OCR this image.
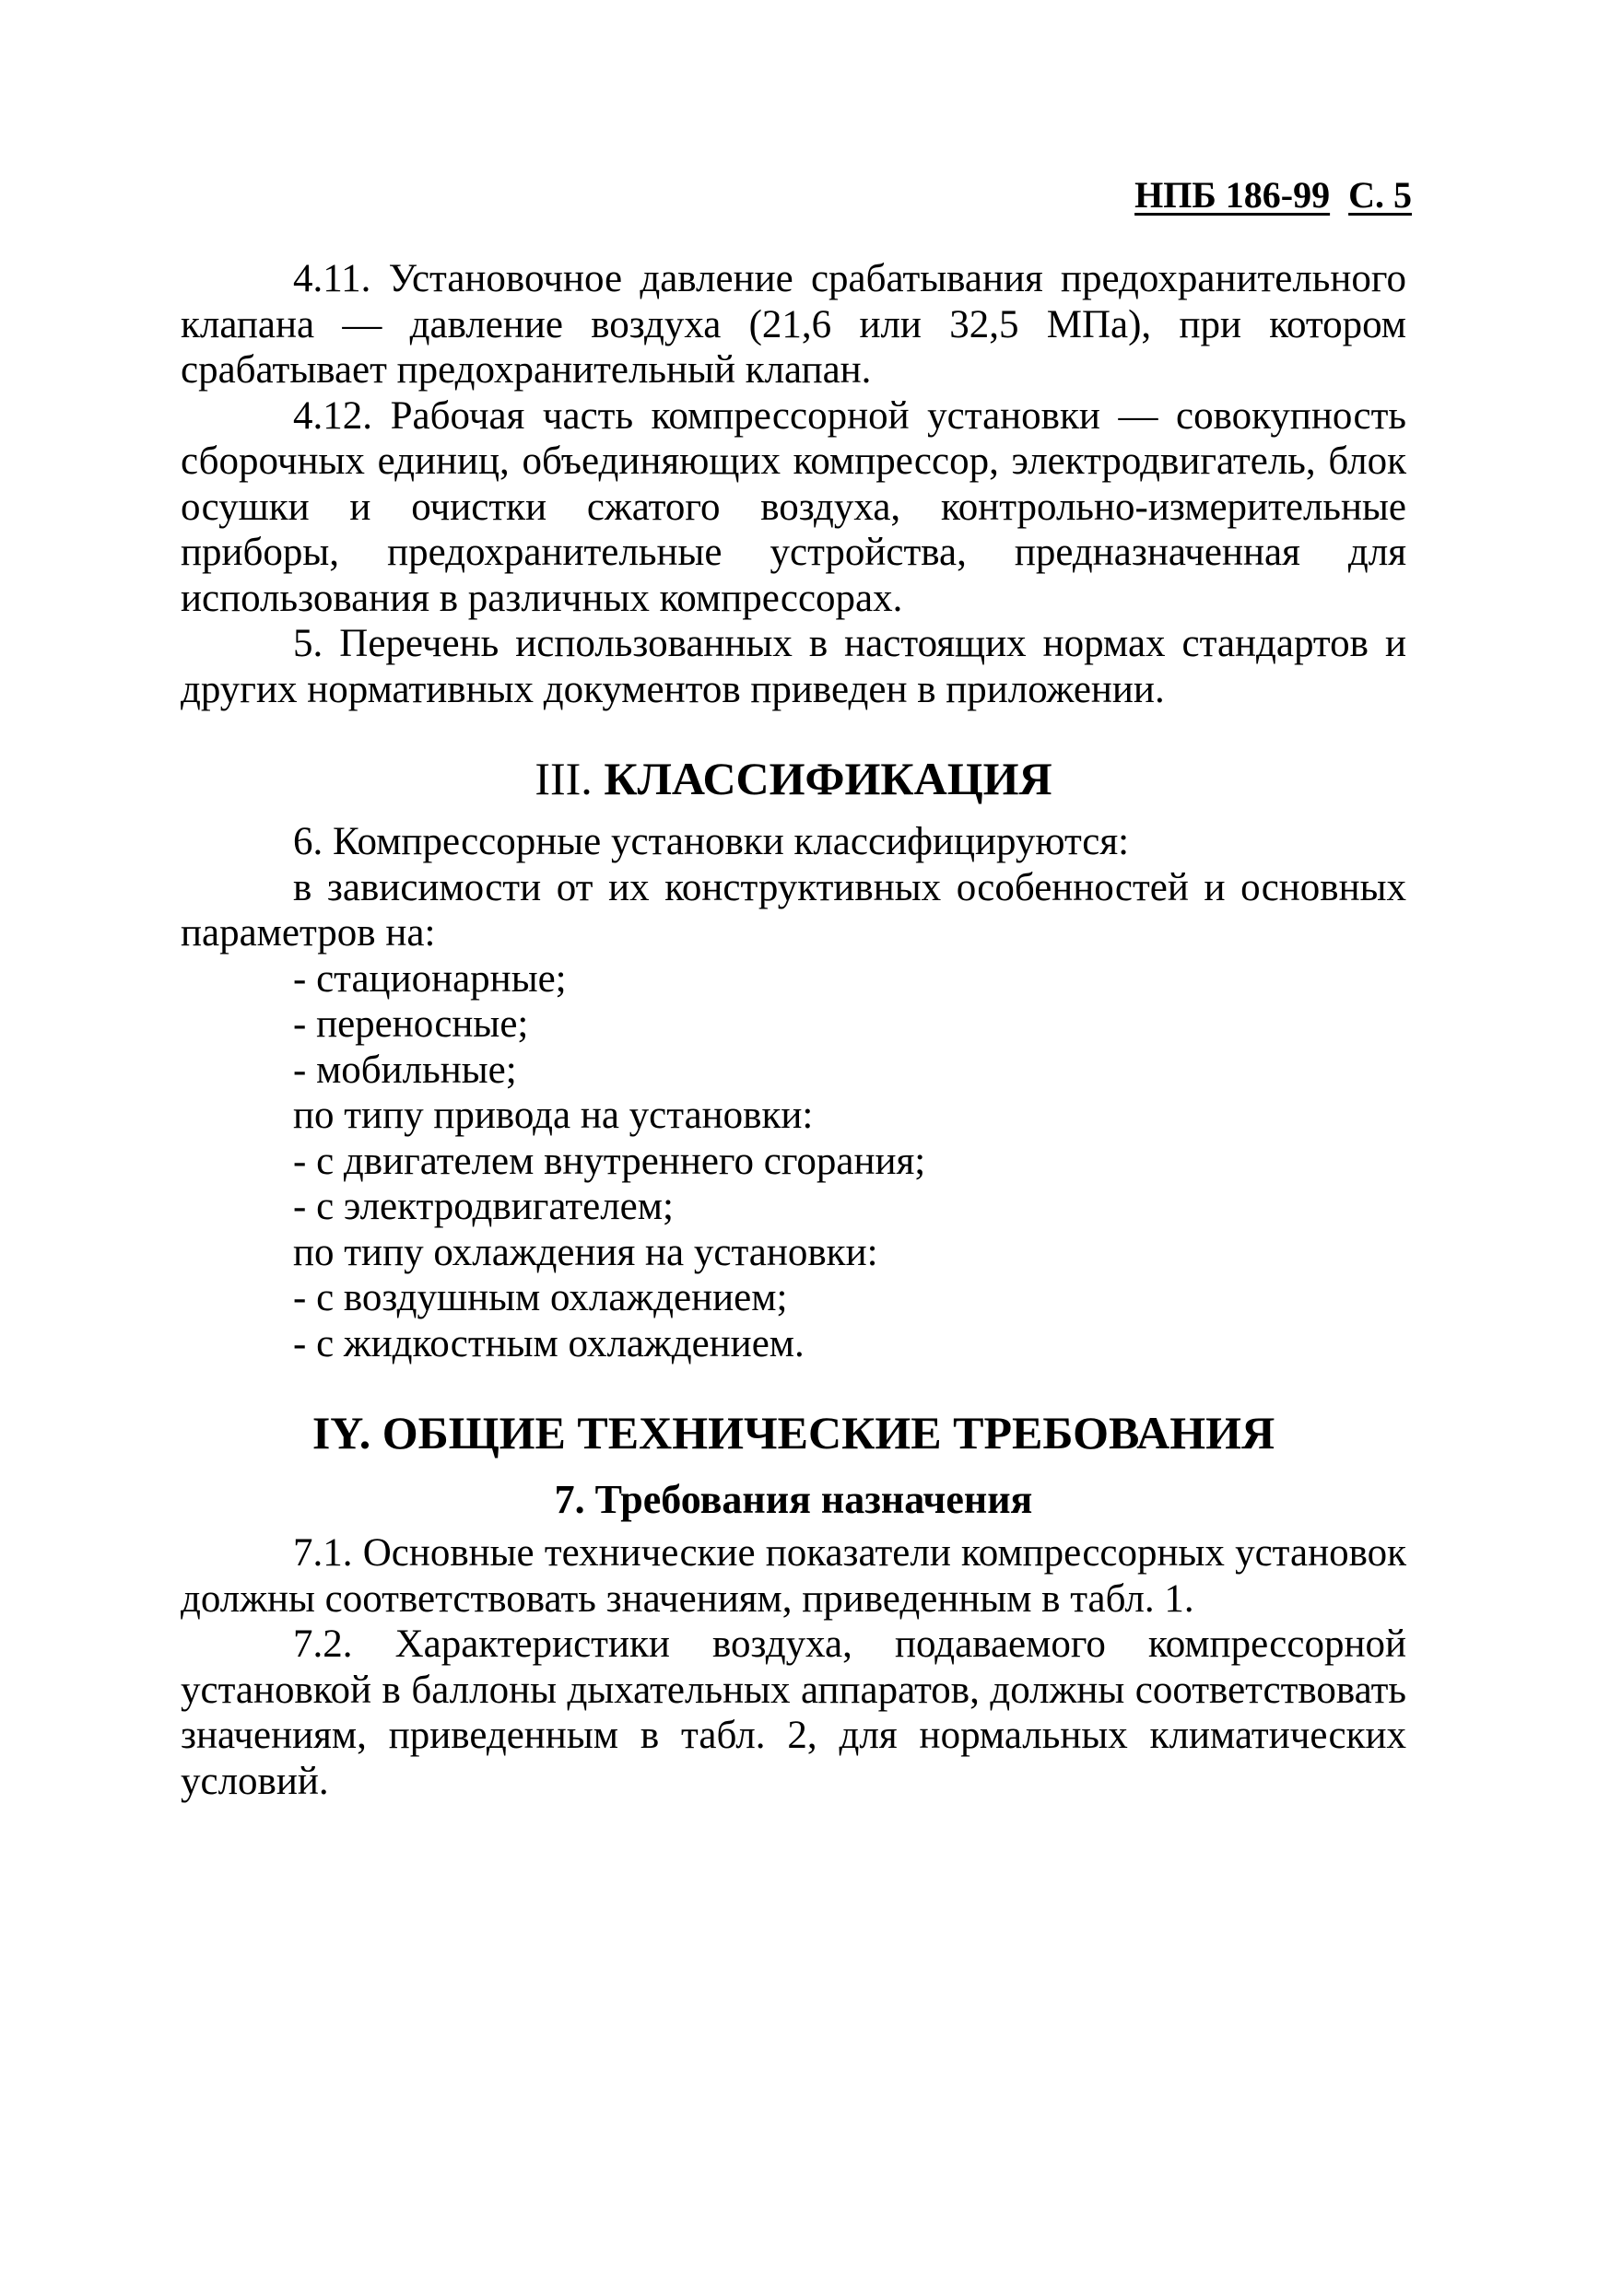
НПБ 186-99 С. 5

4.11. Установочное давление срабатывания предохранительного клапана — давление воздуха (21,6 или 32,5 МПа), при котором срабатывает предохранительный клапан.

4.12. Рабочая часть компрессорной установки — совокупность сборочных единиц, объединяющих компрессор, электродвигатель, блок осушки и очистки сжатого воздуха, контрольно-измерительные приборы, предохранительные устройства, предназначенная для использования в различных компрессорах.

5. Перечень использованных в настоящих нормах стандартов и других нормативных документов приведен в приложении.

III. КЛАССИФИКАЦИЯ

6. Компрессорные установки классифицируются:

в зависимости от их конструктивных особенностей и основных параметров на:

- стационарные;

- переносные;

- мобильные;

по типу привода на установки:

- с двигателем внутреннего сгорания;

- с электродвигателем;

по типу охлаждения на установки:

- с воздушным охлаждением;

- с жидкостным охлаждением.

IY. ОБЩИЕ ТЕХНИЧЕСКИЕ ТРЕБОВАНИЯ
7. Требования назначения

7.1. Основные технические показатели компрессорных установок должны соответствовать значениям, приведенным в табл. 1.

7.2. Характеристики воздуха, подаваемого компрессорной установкой в баллоны дыхательных аппаратов, должны соответствовать значениям, приведенным в табл. 2, для нормальных климатических условий.
